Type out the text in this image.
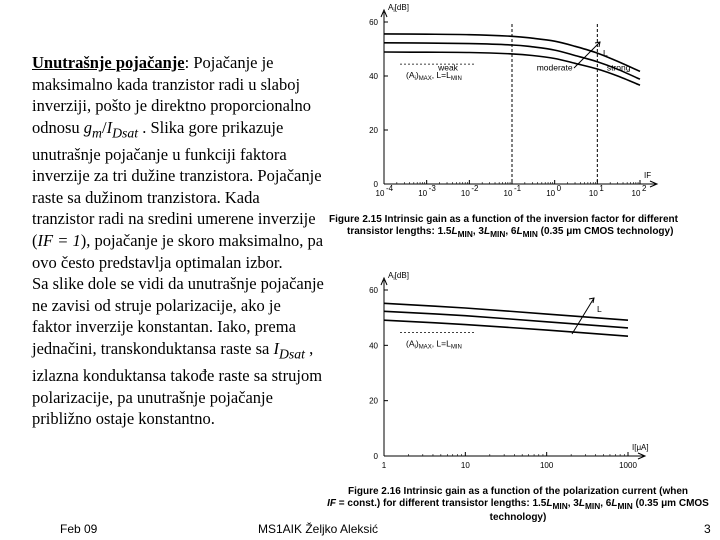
Unutrašnje pojačanje: Pojačanje je maksimalno kada tranzistor radi u slaboj inverziji, pošto je direktno proporcionalno odnosu $g_m/I_{Dsat}$ . Slika gore prikazuje unutrašnje pojačanje u funkciji faktora inverzije za tri dužine tranzistora. Pojačanje raste sa dužinom tranzistora. Kada tranzistor radi na sredini umerene inverzije (IF = 1), pojačanje je skoro maksimalno, pa ovo često predstavlja optimalan izbor.

Sa slike dole se vidi da unutrašnje pojačanje ne zavisi od struje polarizacije, ako je faktor inverzije konstantan. Iako, prema jednačini, transkonduktansa raste sa $I_{Dsat}$ , izlazna konduktansa takođe raste sa strujom polarizacije, pa unutrašnje pojačanje približno ostaje konstantno.

60
40
20
0
$A_i[dB]$
10
-4
10
-3
10
-2
10
-1
10
0
10
1
10
2
IF
weak	moderate	strong
$(A_i)_{MAX}$, $L=L_{MIN}$
L
60
40
20
0
$A_i[dB]$
1	10	100	1000
I[μA]
$(A_i)_{MAX}$, $L=L_{MIN}$
L
Figure 2.15 Intrinsic gain as a function of the inversion factor for different
transistor lengths: $1.5L_{MIN}$, $3L_{MIN}$, $6L_{MIN}$ (0.35 μm CMOS technology)
Figure 2.16 Intrinsic gain as a function of the polarization current (when
IF = const.) for different transistor lengths: $1.5L_{MIN}$, $3L_{MIN}$, $6L_{MIN}$ (0.35 μm CMOS
technology)
Feb 09	MS1AIK Željko Aleksić	3
